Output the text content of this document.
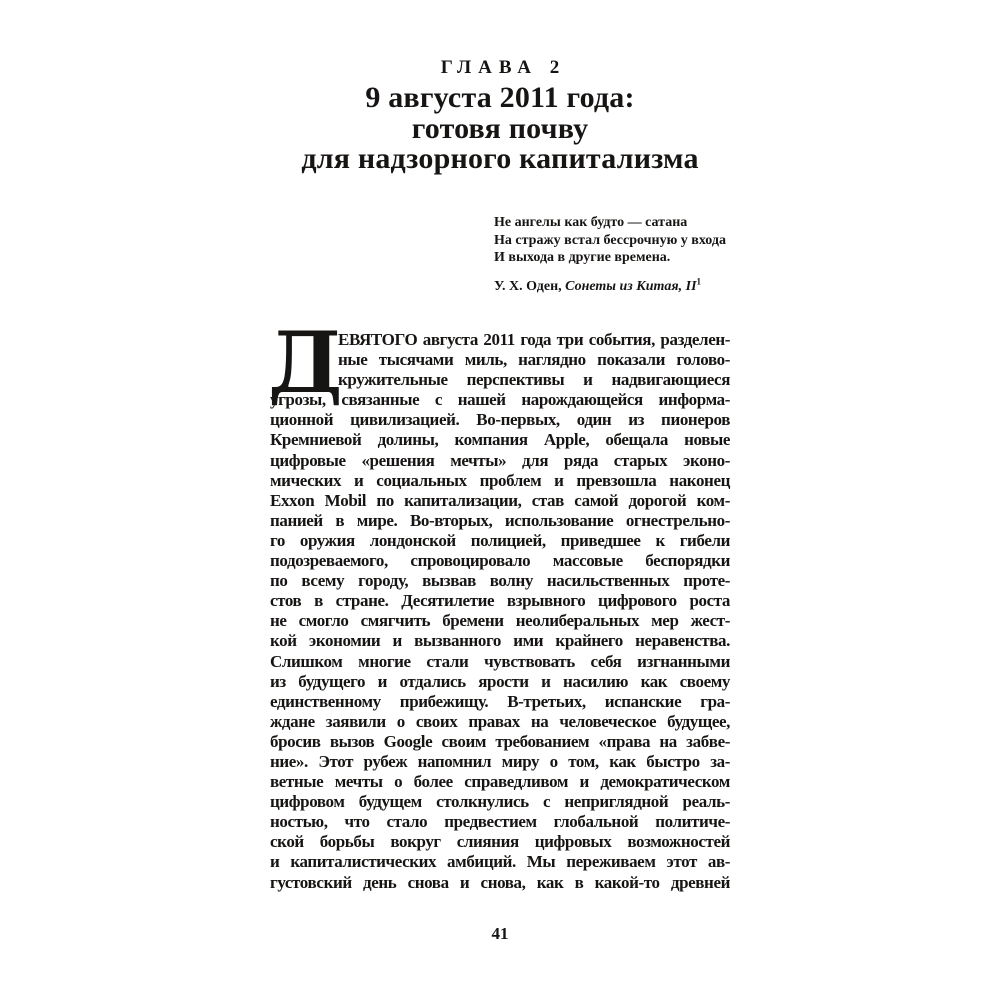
ГЛАВА 2
9 августа 2011 года:
готовя почву
для надзорного капитализма
Не ангелы как будто — сатана
На стражу встал бессрочную у входа
И выхода в другие времена.
У. Х. Оден, Сонеты из Китая, $II^1$
Д
ЕВЯТОГО августа 2011 года три события, разделен-
ные тысячами миль, наглядно показали голово-
кружительные перспективы и надвигающиеся
угрозы, связанные с нашей нарождающейся информа-
ционной цивилизацией. Во-первых, один из пионеров
Кремниевой долины, компания Apple, обещала новые
цифровые «решения мечты» для ряда старых эконо-
мических и социальных проблем и превзошла наконец
Exxon Mobil по капитализации, став самой дорогой ком-
панией в мире. Во-вторых, использование огнестрельно-
го оружия лондонской полицией, приведшее к гибели
подозреваемого, спровоцировало массовые беспорядки
по всему городу, вызвав волну насильственных проте-
стов в стране. Десятилетие взрывного цифрового роста
не смогло смягчить бремени неолиберальных мер жест-
кой экономии и вызванного ими крайнего неравенства.
Слишком многие стали чувствовать себя изгнанными
из будущего и отдались ярости и насилию как своему
единственному прибежищу. В-третьих, испанские гра-
ждане заявили о своих правах на человеческое будущее,
бросив вызов Google своим требованием «права на забве-
ние». Этот рубеж напомнил миру о том, как быстро за-
ветные мечты о более справедливом и демократическом
цифровом будущем столкнулись с неприглядной реаль-
ностью, что стало предвестием глобальной политиче-
ской борьбы вокруг слияния цифровых возможностей
и капиталистических амбиций. Мы переживаем этот ав-
густовский день снова и снова, как в какой-то древней
41
